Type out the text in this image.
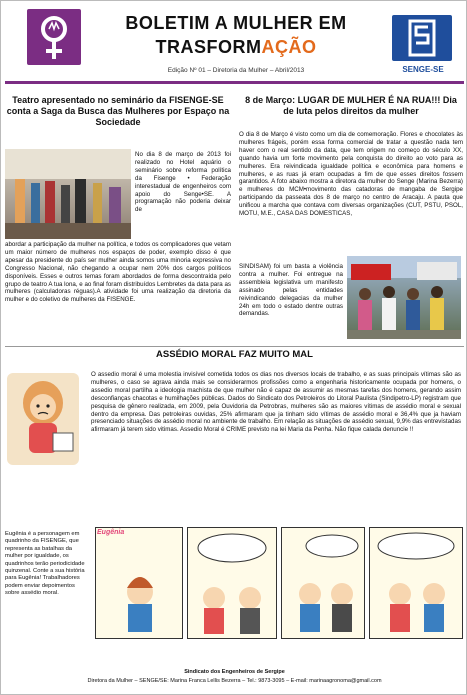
BOLETIM A MULHER EM
TRASFORMAÇÃO
Edição Nº 01 – Diretoria da Mulher – Abril/2013	SENGE-SE
Teatro apresentado no seminário da FISENGE-SE conta a Saga da Busca das Mulheres por Espaço na Sociedade

No dia 8 de março de 2013 foi realizado no Hotel aquário o seminário sobre reforma política da Fisenge • Federação interestadual de engenheiros com apoio do Senge•SE. A programação não poderia deixar de

abordar a participação da mulher na política, e todos os complicadores que vetam um maior número de mulheres nos espaços de poder, exemplo disso é que apesar da presidente do país ser mulher ainda somos uma minoria expressiva no Congresso Nacional, não chegando a ocupar nem 20% dos cargos políticos disponíveis. Esses e outros temas foram abordados de forma descontraída pelo grupo de teatro A tua lona, e ao final foram distribuídos Lembretes da data para as mulheres (calculadoras réguas).A atividade foi uma realização da diretoria da mulher e do coletivo de mulheres da FISENGE.

8 de Março: LUGAR DE MULHER É NA RUA!!! Dia de luta pelos direitos da mulher

O dia 8 de Março é visto como um dia de comemoração. Flores e chocolates às mulheres frágeis, porém essa forma comercial de tratar a questão nada tem haver com o real sentido da data, que tem origem no começo do século XX, quando havia um forte movimento pela conquista do direito ao voto para as mulheres. Era reivindicada igualdade política e econômica para homens e mulheres, e as ruas já eram ocupadas a fim de que esses direitos fossem garantidos. A foto abaixo mostra a diretora da mulher do Senge (Marina Bezerra) e mulheres do MCM•movimento das catadoras de mangaba de Sergipe participando da passeata dos 8 de março no centro de Aracaju. A pauta que unificou a marcha que contava com diversas organizações (CUT, PSTU, PSOL, MOTU, M.E., CASA DAS DOMESTICAS,

SINDISAM) foi um basta a violência contra a mulher. Foi entregue na assembleia legislativa um manifesto assinado pelas entidades reivindicando delegacias da mulher 24h em todo o estado dentre outras demandas.

ASSÉDIO MORAL FAZ MUITO MAL

O assedio moral é uma molestia invisível cometida todos os dias nos diversos locais de trabalho, e as suas principais vítimas são as mulheres, o caso se agrava ainda mais se considerarmos profissões como a engenharia historicamente ocupada por homens, o assedio moral partilha a ideologia machista de que mulher não é capaz de assumir as mesmas tarefas dos homens, gerando assim desconfianças chacotas e humilhações públicas. Dados do Sindicato dos Petroleiros do Litoral Paulista (Sindipetro-LP) registram que pesquisa de gênero realizada, em 2009, pela Ouvidoria da Petrobras, mulheres são as maiores vítimas de assédio moral e sexual dentro da empresa. Das petroleiras ouvidas, 25% afirmaram que ja tinham sido vítimas de assédio moral e 36,4% que ja haviam presenciado situações de assédio moral no ambiente de trabalho. Em relação as situações de assédio sexual, 9,9% das entrevistadas afirmaram já terem sido vitimas. Assedio Moral é CRIME previsto na lei Maria da Penha. Não fique calada denuncie !!

Eugênia é a personagem em quadrinho da FISENGE, que representa as batalhas da mulher por igualdade, os quadrinhos terão periodicidade quinzenal. Conte a sua história para Eugênia! Trabalhadores podem enviar depoimentos sobre assédio moral.

Eugênia
Sindicato dos Engenheiros de Sergipe
Diretora da Mulher – SENGE/SE: Marina Franca Lellis Bezerra – Tel.: 9873-3095 – E-mail: marinaagronoma@gmail.com
